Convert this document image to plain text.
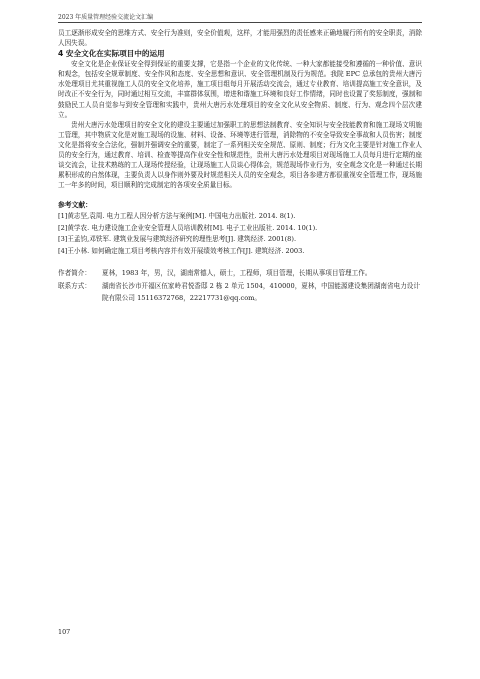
2023 年质量管理经验交流论文汇编

员工逐渐形成安全的思维方式、安全行为准则，安全价值观，这样，才能用强烈的责任感来正确地履行所有的安全职责，消除人因失误。

4 安全文化在实际项目中的运用

安全文化是企业保证安全得到保证的重要支撑，它是指一个企业的文化传统、一种大家都能接受和遵循的一种价值、意识和观念，包括安全规章制度、安全作风和态度、安全思想和意识、安全管理机制及行为规范。我院 EPC 总承包的贵州大唐污水处理项目尤其重视施工人员的安全文化培养，施工项目组每月开展活动交流会，通过专业教育、培训提高施工安全意识，及时改正不安全行为，同时通过相互交流，丰富群体氛围，增进和谐施工环境和良好工作情绪，同时也设置了奖惩制度，强制和鼓励民工人员自觉参与到安全管理和实践中，贵州大唐污水处理项目的安全文化从安全物质、制度、行为、观念四个层次建立。

贵州大唐污水处理项目的安全文化的建设主要通过加强职工的思想法制教育、安全知识与安全技能教育和施工现场文明施工管理，其中物质文化是对施工现场的设施、材料、设备、环境等进行管理，消除物的不安全导致安全事故和人员伤害；制度文化是指将安全合法化，强制并强调安全的重要，制定了一系列相关安全规范、原则、制度；行为文化主要是针对施工作业人员的安全行为，通过教育、培训、检查等提高作业安全性和规范性，贵州大唐污水处理项目对现场施工人员每月进行定期的座谈交流会，让技术熟练的工人现场传授经验，让现场施工人员谈心得体会，规范现场作业行为，安全观念文化是一种通过长期累积形成的自然体现，主要负责人以身作则外要及时规范相关人员的安全观念，项目各参建方都很重视安全管理工作，现场施工一年多的时间，项目顺利的完成制定的各项安全质量目标。

参考文献：

[1]黄志坚,袁周. 电力工程人因分析方法与案例[M]. 中国电力出版社. 2014. 8(1).

[2]黄学农. 电力建设施工企业安全管理人员培训教材[M]. 电子工业出版社. 2014. 10(1).

[3]王孟钧,邓铁军. 建筑业发展与建筑经济研究的理性思考[J]. 建筑经济. 2001(8).

[4]王小林. 如何确定施工项目考核内容并有效开展绩效考核工作[J]. 建筑经济. 2003.

作者简介：	夏林，1983 年，男，汉，湖南常德人，硕士，工程师，项目管理，长期从事项目管理工作。
联系方式：	湖南省长沙市开福区伍家岭君悦香邸 2 栋 2 单元 1504，410000，夏林，中国能源建设集团湖南省电力设计院有限公司 15116372768，22217731@qq.com。
107
